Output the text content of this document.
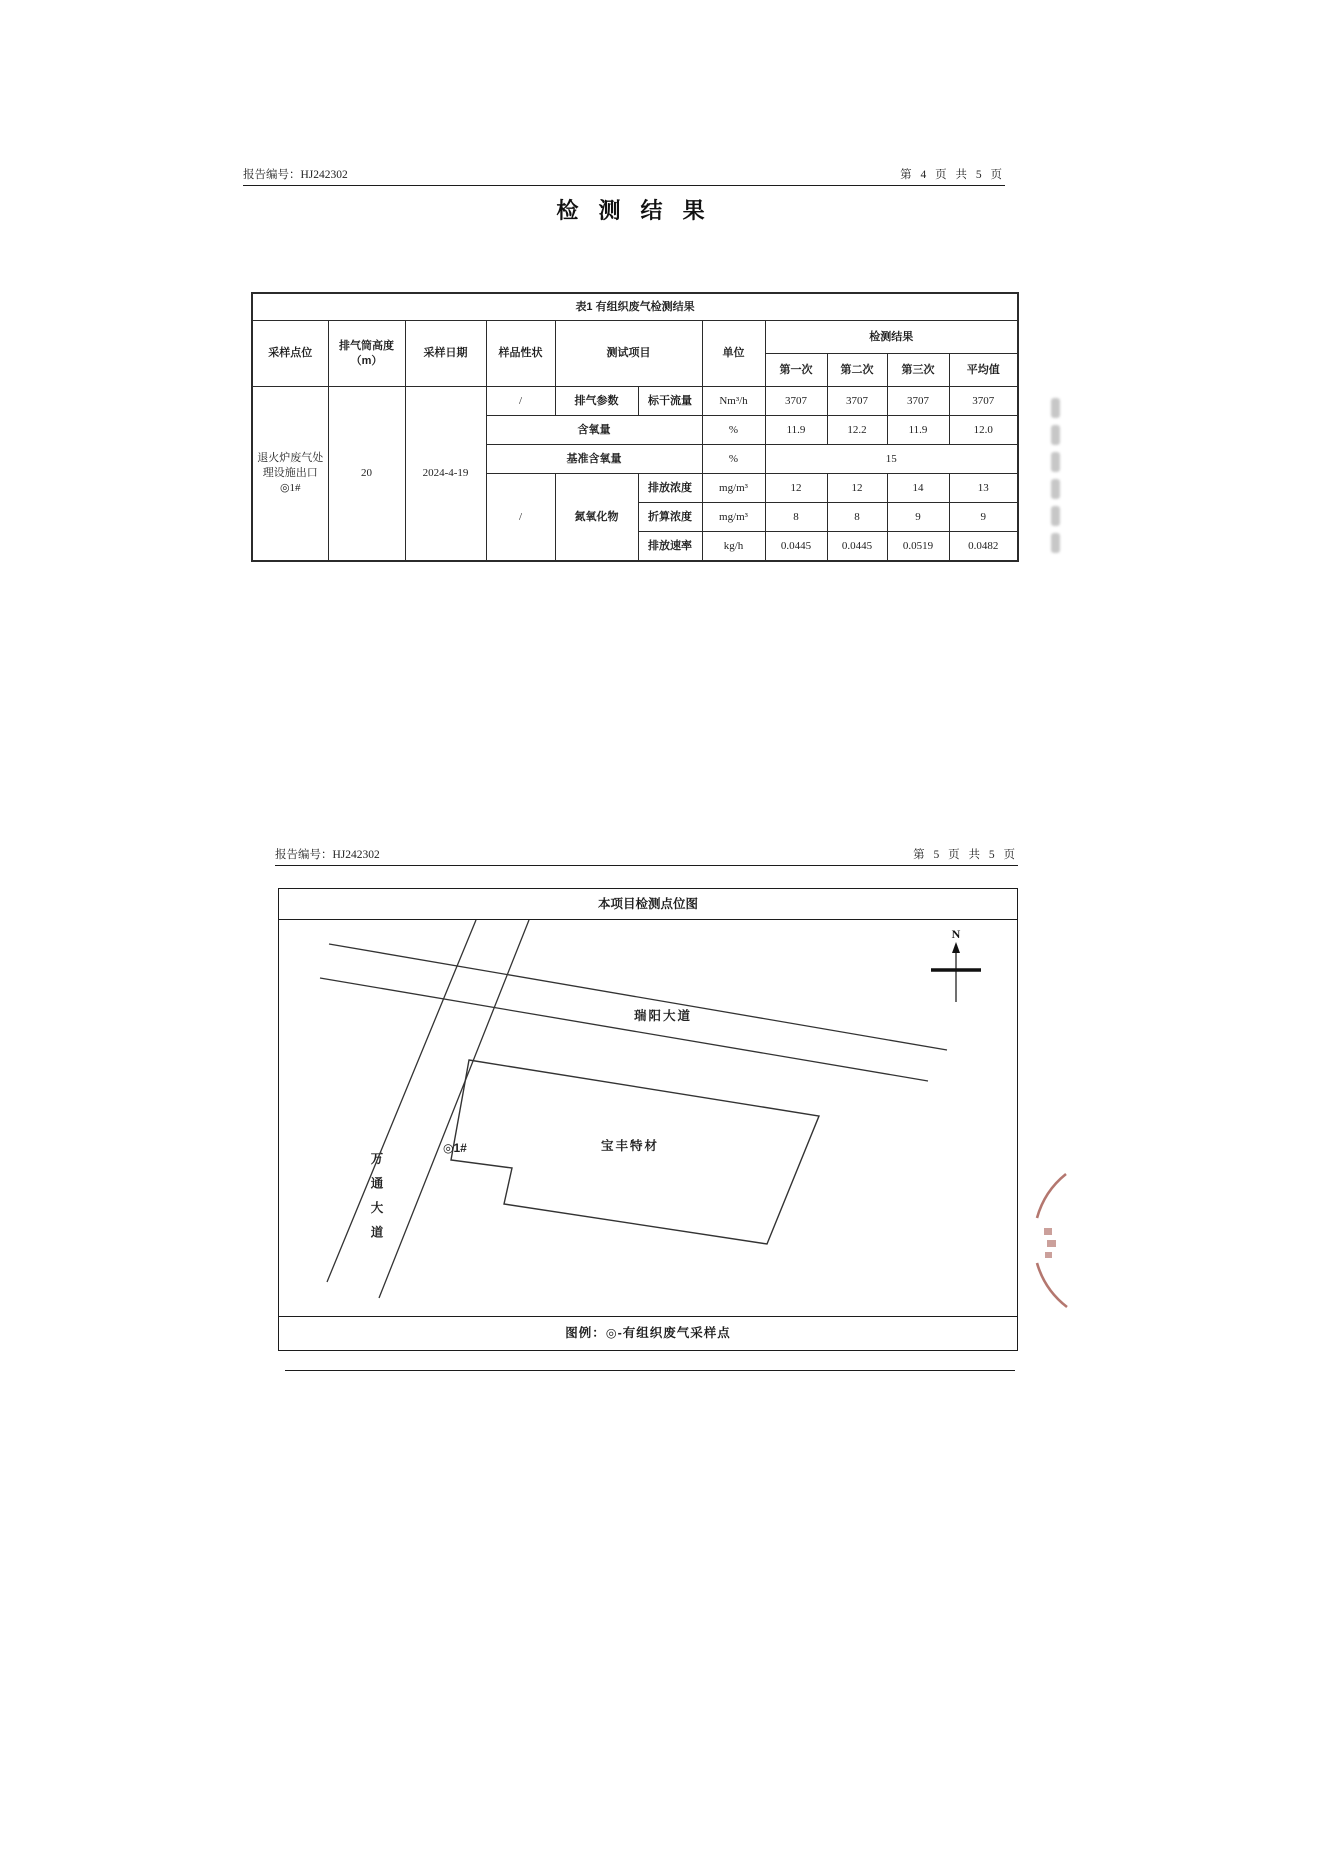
报告编号：HJ242302	第 4 页 共 5 页
检 测 结 果
表1 有组织废气检测结果										
采样点位	排气筒高度（m）	采样日期	样品性状	测试项目		单位	检测结果			
							第一次	第二次	第三次	平均值
退火炉废气处理设施出口◎1#	20	2024-4-19	/	排气参数	标干流量	Nm³/h	3707	3707	3707	3707
			含氧量			%	11.9	12.2	11.9	12.0
			基准含氧量			%	15			
			/	氮氧化物	排放浓度	mg/m³	12	12	14	13
					折算浓度	mg/m³	8	8	9	9
					排放速率	kg/h	0.0445	0.0445	0.0519	0.0482
报告编号：HJ242302	第 5 页 共 5 页
本项目检测点位图
N
瑞阳大道
万通大道
宝丰特材
◎1#
图例：◎-有组织废气采样点
